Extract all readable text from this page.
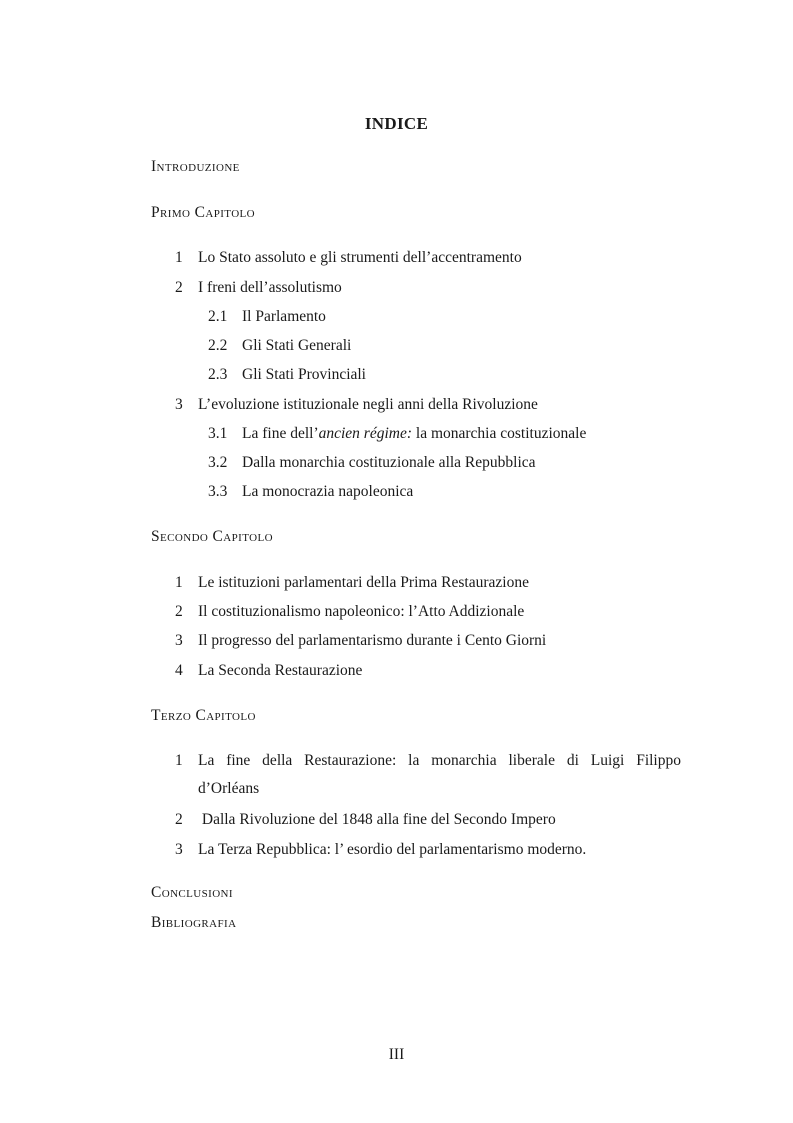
INDICE
Introduzione
Primo Capitolo
1 Lo Stato assoluto e gli strumenti dell’accentramento
2 I freni dell’assolutismo
2.1 Il Parlamento
2.2 Gli Stati Generali
2.3 Gli Stati Provinciali
3 L’evoluzione istituzionale negli anni della Rivoluzione
3.1 La fine dell’ancien régime: la monarchia costituzionale
3.2 Dalla monarchia costituzionale alla Repubblica
3.3 La monocrazia napoleonica
Secondo Capitolo
1 Le istituzioni parlamentari della Prima Restaurazione
2 Il costituzionalismo napoleonico: l’Atto Addizionale
3 Il progresso del parlamentarismo durante i Cento Giorni
4 La Seconda Restaurazione
Terzo Capitolo
1 La fine della Restaurazione: la monarchia liberale di Luigi Filippo
d’Orléans
2 Dalla Rivoluzione del 1848 alla fine del Secondo Impero
3 La Terza Repubblica: l’ esordio del parlamentarismo moderno.
Conclusioni
Bibliografia
III
